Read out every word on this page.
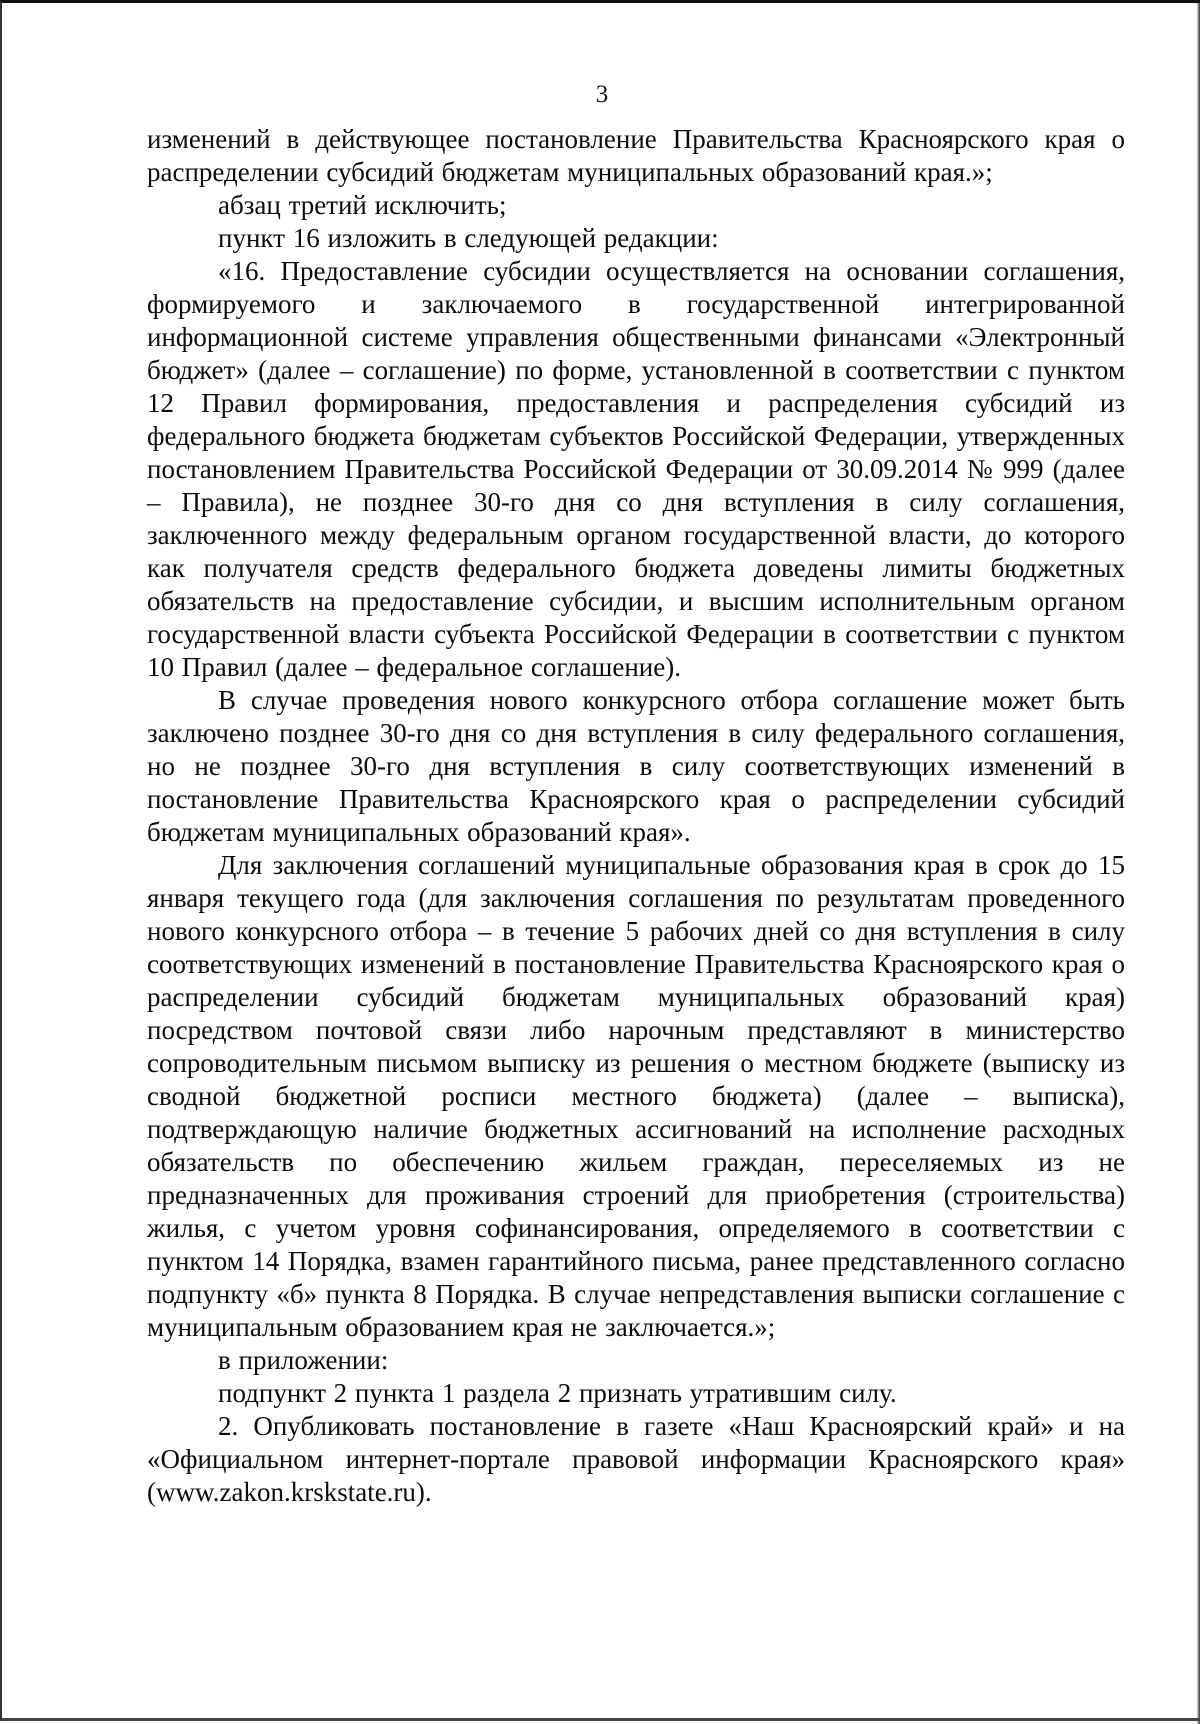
3

изменений в действующее постановление Правительства Красноярского края о распределении субсидий бюджетам муниципальных образований края.»;

абзац третий исключить;

пункт 16 изложить в следующей редакции:

«16. Предоставление субсидии осуществляется на основании соглашения, формируемого и заключаемого в государственной интегрированной информационной системе управления общественными финансами «Электронный бюджет» (далее – соглашение) по форме, установленной в соответствии с пунктом 12 Правил формирования, предоставления и распределения субсидий из федерального бюджета бюджетам субъектов Российской Федерации, утвержденных постановлением Правительства Российской Федерации от 30.09.2014 № 999 (далее – Правила), не позднее 30-го дня со дня вступления в силу соглашения, заключенного между федеральным органом государственной власти, до которого как получателя средств федерального бюджета доведены лимиты бюджетных обязательств на предоставление субсидии, и высшим исполнительным органом государственной власти субъекта Российской Федерации в соответствии с пунктом 10 Правил (далее – федеральное соглашение).

В случае проведения нового конкурсного отбора соглашение может быть заключено позднее 30-го дня со дня вступления в силу федерального соглашения, но не позднее 30-го дня вступления в силу соответствующих изменений в постановление Правительства Красноярского края о распределении субсидий бюджетам муниципальных образований края».

Для заключения соглашений муниципальные образования края в срок до 15 января текущего года (для заключения соглашения по результатам проведенного нового конкурсного отбора – в течение 5 рабочих дней со дня вступления в силу соответствующих изменений в постановление Правительства Красноярского края о распределении субсидий бюджетам муниципальных образований края) посредством почтовой связи либо нарочным представляют в министерство сопроводительным письмом выписку из решения о местном бюджете (выписку из сводной бюджетной росписи местного бюджета) (далее – выписка), подтверждающую наличие бюджетных ассигнований на исполнение расходных обязательств по обеспечению жильем граждан, переселяемых из не предназначенных для проживания строений для приобретения (строительства) жилья, с учетом уровня софинансирования, определяемого в соответствии с пунктом 14 Порядка, взамен гарантийного письма, ранее представленного согласно подпункту «б» пункта 8 Порядка. В случае непредставления выписки соглашение с муниципальным образованием края не заключается.»;

в приложении:

подпункт 2 пункта 1 раздела 2 признать утратившим силу.

2. Опубликовать постановление в газете «Наш Красноярский край» и на «Официальном интернет-портале правовой информации Красноярского края» (www.zakon.krskstate.ru).
